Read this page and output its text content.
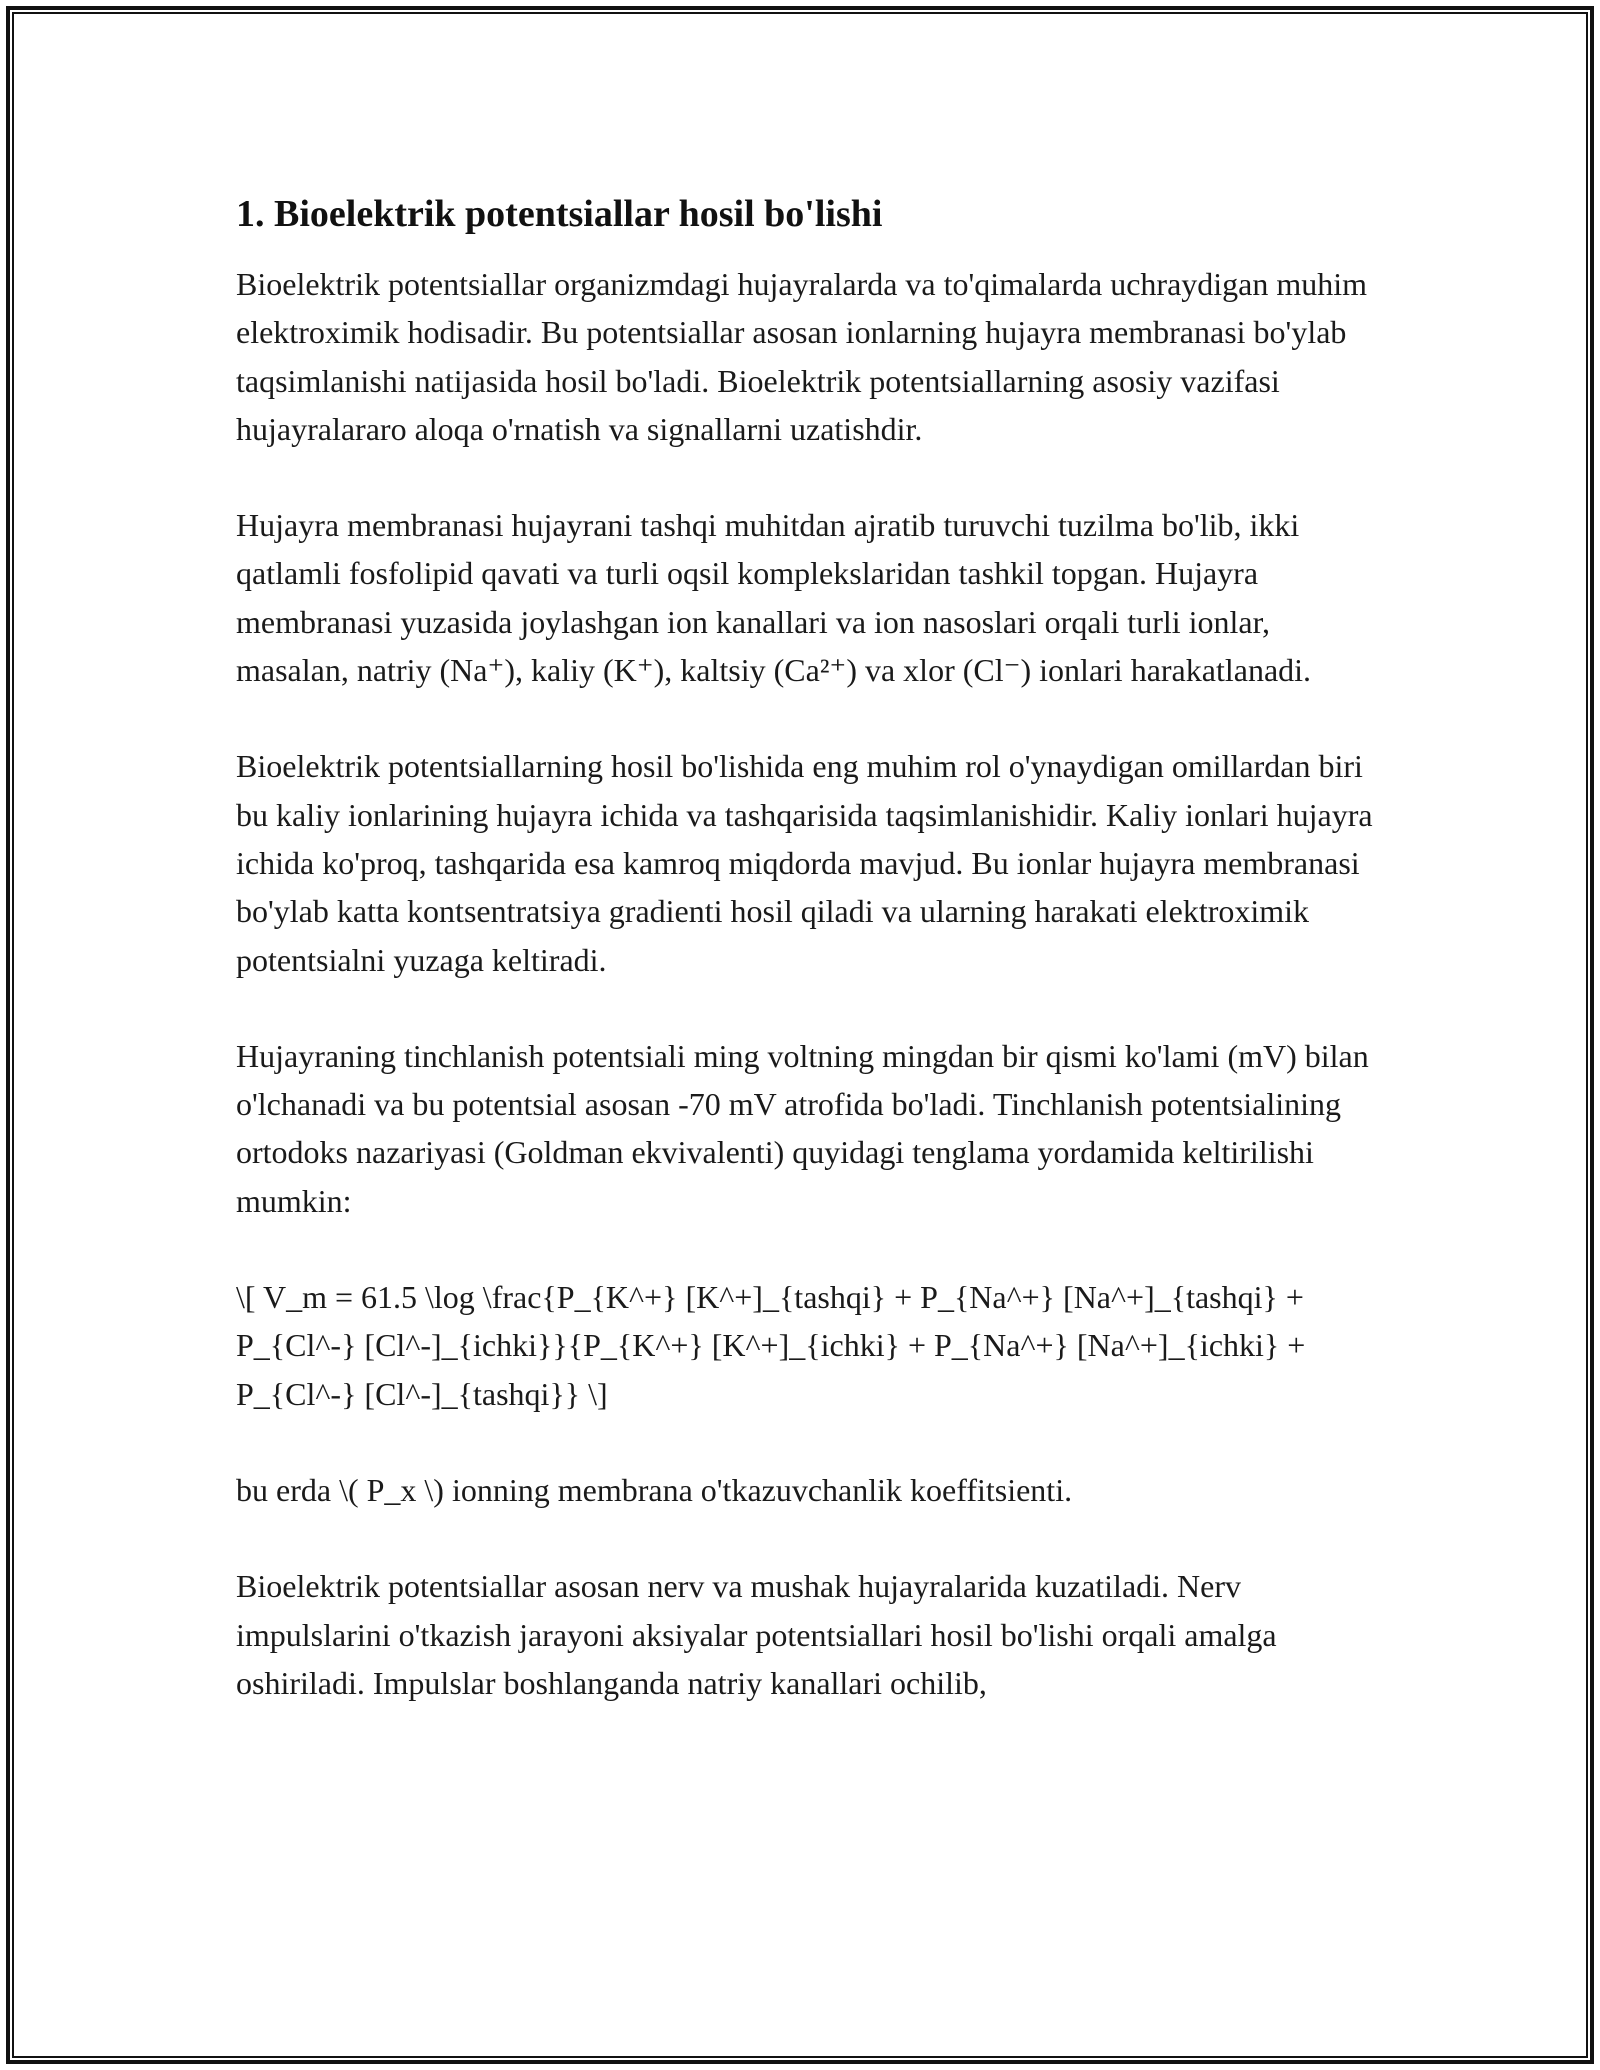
1. Bioelektrik potentsiallar hosil bo'lishi

Bioelektrik potentsiallar organizmdagi hujayralarda va to'qimalarda uchraydigan muhim elektroximik hodisadir. Bu potentsiallar asosan ionlarning hujayra membranasi bo'ylab taqsimlanishi natijasida hosil bo'ladi. Bioelektrik potentsiallarning asosiy vazifasi hujayralararo aloqa o'rnatish va signallarni uzatishdir.

Hujayra membranasi hujayrani tashqi muhitdan ajratib turuvchi tuzilma bo'lib, ikki qatlamli fosfolipid qavati va turli oqsil komplekslaridan tashkil topgan. Hujayra membranasi yuzasida joylashgan ion kanallari va ion nasoslari orqali turli ionlar, masalan, natriy (Na⁺), kaliy (K⁺), kaltsiy (Ca²⁺) va xlor (Cl⁻) ionlari harakatlanadi.

Bioelektrik potentsiallarning hosil bo'lishida eng muhim rol o'ynaydigan omillardan biri bu kaliy ionlarining hujayra ichida va tashqarisida taqsimlanishidir. Kaliy ionlari hujayra ichida ko'proq, tashqarida esa kamroq miqdorda mavjud. Bu ionlar hujayra membranasi bo'ylab katta kontsentratsiya gradienti hosil qiladi va ularning harakati elektroximik potentsialni yuzaga keltiradi.

Hujayraning tinchlanish potentsiali ming voltning mingdan bir qismi ko'lami (mV) bilan o'lchanadi va bu potentsial asosan -70 mV atrofida bo'ladi. Tinchlanish potentsialining ortodoks nazariyasi (Goldman ekvivalenti) quyidagi tenglama yordamida keltirilishi mumkin:

\[ V_m = 61.5 \log \frac{P_{K^+} [K^+]_{tashqi} + P_{Na^+} [Na^+]_{tashqi} + P_{Cl^-} [Cl^-]_{ichki}}{P_{K^+} [K^+]_{ichki} + P_{Na^+} [Na^+]_{ichki} + P_{Cl^-} [Cl^-]_{tashqi}} \]

bu erda \( P_x \) ionning membrana o'tkazuvchanlik koeffitsienti.

Bioelektrik potentsiallar asosan nerv va mushak hujayralarida kuzatiladi. Nerv impulslarini o'tkazish jarayoni aksiyalar potentsiallari hosil bo'lishi orqali amalga oshiriladi. Impulslar boshlanganda natriy kanallari ochilib,
